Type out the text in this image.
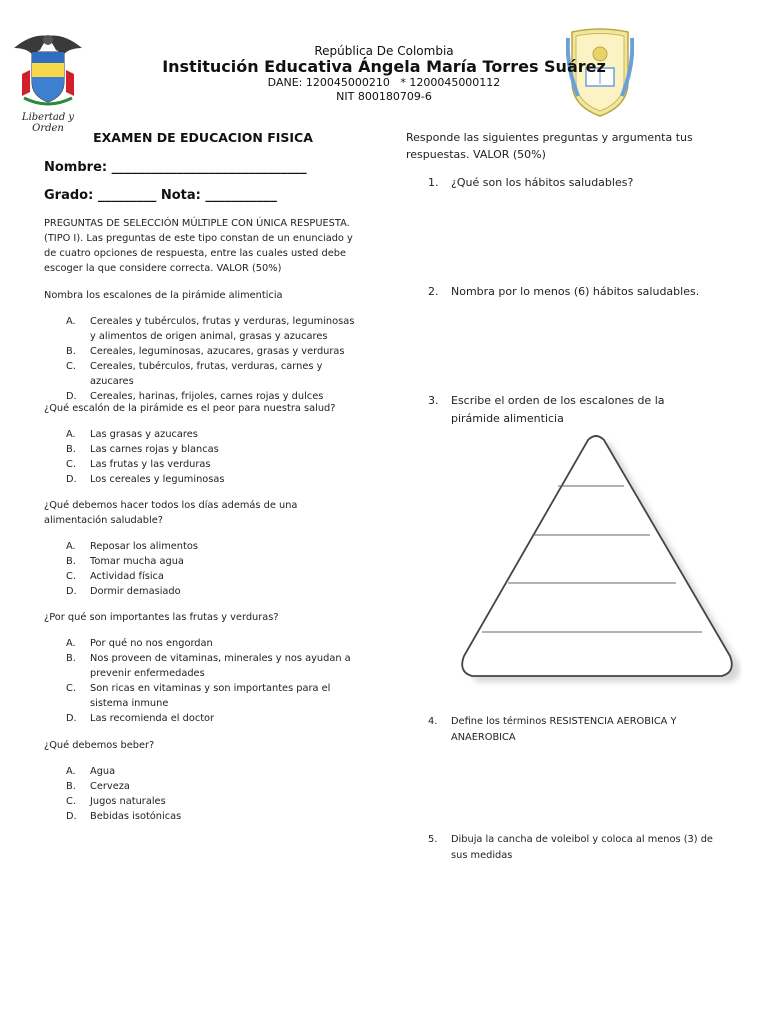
Libertad y Orden
República De Colombia
Institución Educativa Ángela María Torres Suárez
DANE: 120045000210   * 1200045000112
NIT 800180709-6
EXAMEN DE EDUCACION FISICA
Nombre: ______________________________
Grado: _________ Nota: ___________
PREGUNTAS DE SELECCIÓN MÚLTIPLE CON ÚNICA RESPUESTA. (TIPO I). Las preguntas de este tipo constan de un enunciado y de cuatro opciones de respuesta, entre las cuales usted debe escoger la que considere correcta. VALOR (50%)
Nombra los escalones de la pirámide alimenticia
A. Cereales y tubérculos, frutas y verduras, leguminosas y alimentos de origen animal, grasas y azucares
B. Cereales, leguminosas, azucares, grasas y verduras
C. Cereales, tubérculos, frutas, verduras, carnes y azucares
D. Cereales, harinas, frijoles, carnes rojas y dulces
¿Qué escalón de la pirámide es el peor para nuestra salud?
A. Las grasas y azucares
B. Las carnes rojas y blancas
C. Las frutas y las verduras
D. Los cereales y leguminosas
¿Qué debemos hacer todos los días además de una alimentación saludable?
A. Reposar los alimentos
B. Tomar mucha agua
C. Actividad física
D. Dormir demasiado
¿Por qué son importantes las frutas y verduras?
A. Por qué no nos engordan
B. Nos proveen de vitaminas, minerales y nos ayudan a prevenir enfermedades
C. Son ricas en vitaminas y son importantes para el sistema inmune
D. Las recomienda el doctor
¿Qué debemos beber?
A. Agua
B. Cerveza
C. Jugos naturales
D. Bebidas isotónicas
Responde las siguientes preguntas y argumenta tus respuestas. VALOR (50%)
1. ¿Qué son los hábitos saludables?
2. Nombra por lo menos (6) hábitos saludables.
3. Escribe el orden de los escalones de la pirámide alimenticia
4. Define los términos RESISTENCIA AEROBICA Y ANAEROBICA
5. Dibuja la cancha de voleibol y coloca al menos (3) de sus medidas
